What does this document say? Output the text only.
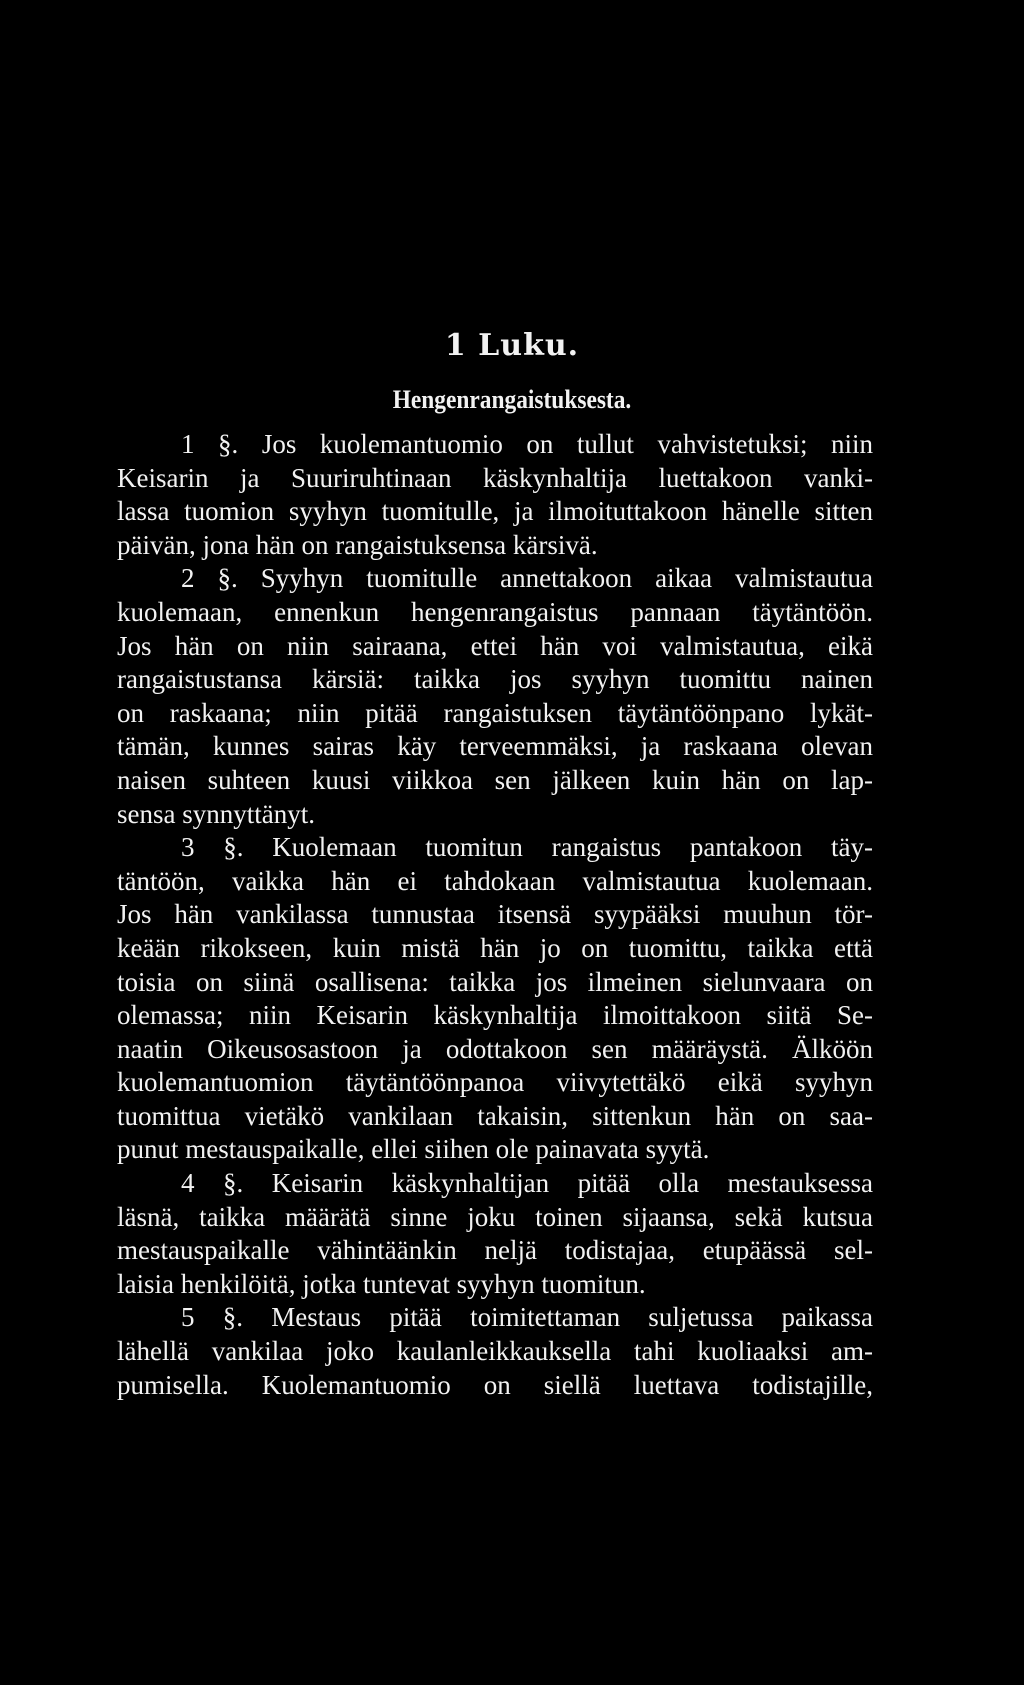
1 Luku.
Hengenrangaistuksesta.
1 §. Jos kuolemantuomio on tullut vahvistetuksi; niin
Keisarin ja Suuriruhtinaan käskynhaltija luettakoon vanki-
lassa tuomion syyhyn tuomitulle, ja ilmoituttakoon hänelle sitten
päivän, jona hän on rangaistuksensa kärsivä.
2 §. Syyhyn tuomitulle annettakoon aikaa valmistautua
kuolemaan, ennenkun hengenrangaistus pannaan täytäntöön.
Jos hän on niin sairaana, ettei hän voi valmistautua, eikä
rangaistustansa kärsiä: taikka jos syyhyn tuomittu nainen
on raskaana; niin pitää rangaistuksen täytäntöönpano lykät-
tämän, kunnes sairas käy terveemmäksi, ja raskaana olevan
naisen suhteen kuusi viikkoa sen jälkeen kuin hän on lap-
sensa synnyttänyt.
3 §. Kuolemaan tuomitun rangaistus pantakoon täy-
täntöön, vaikka hän ei tahdokaan valmistautua kuolemaan.
Jos hän vankilassa tunnustaa itsensä syypääksi muuhun tör-
keään rikokseen, kuin mistä hän jo on tuomittu, taikka että
toisia on siinä osallisena: taikka jos ilmeinen sielunvaara on
olemassa; niin Keisarin käskynhaltija ilmoittakoon siitä Se-
naatin Oikeusosastoon ja odottakoon sen määräystä. Älköön
kuolemantuomion täytäntöönpanoa viivytettäkö eikä syyhyn
tuomittua vietäkö vankilaan takaisin, sittenkun hän on saa-
punut mestauspaikalle, ellei siihen ole painavata syytä.
4 §. Keisarin käskynhaltijan pitää olla mestauksessa
läsnä, taikka määrätä sinne joku toinen sijaansa, sekä kutsua
mestauspaikalle vähintäänkin neljä todistajaa, etupäässä sel-
laisia henkilöitä, jotka tuntevat syyhyn tuomitun.
5 §. Mestaus pitää toimitettaman suljetussa paikassa
lähellä vankilaa joko kaulanleikkauksella tahi kuoliaaksi am-
pumisella. Kuolemantuomio on siellä luettava todistajille,
